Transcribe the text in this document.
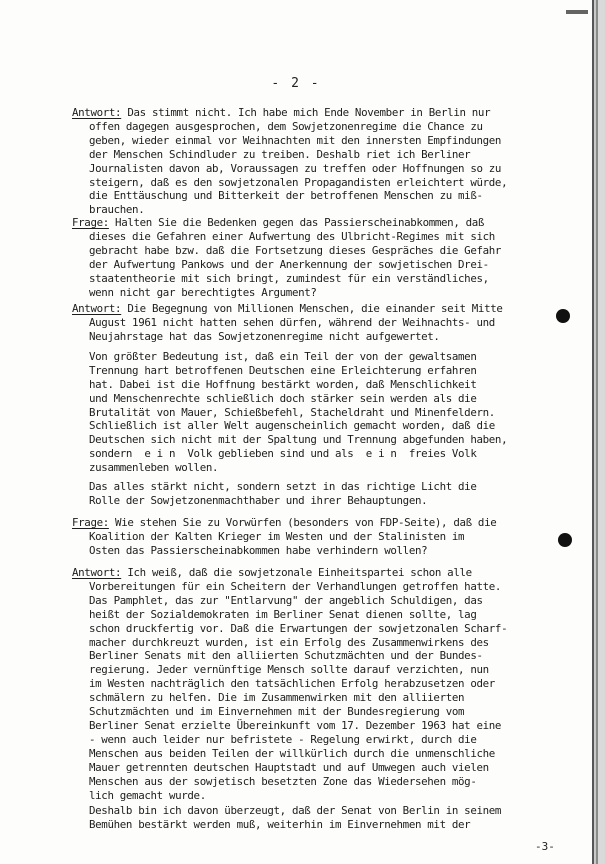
- 2 -
Antwort: Das stimmt nicht. Ich habe mich Ende November in Berlin nur
offen dagegen ausgesprochen, dem Sowjetzonenregime die Chance zu
geben, wieder einmal vor Weihnachten mit den innersten Empfindungen
der Menschen Schindluder zu treiben. Deshalb riet ich Berliner
Journalisten davon ab, Voraussagen zu treffen oder Hoffnungen so zu
steigern, daß es den sowjetzonalen Propagandisten erleichtert würde,
die Enttäuschung und Bitterkeit der betroffenen Menschen zu miß-
brauchen.
Frage: Halten Sie die Bedenken gegen das Passierscheinabkommen, daß
dieses die Gefahren einer Aufwertung des Ulbricht-Regimes mit sich
gebracht habe bzw. daß die Fortsetzung dieses Gespräches die Gefahr
der Aufwertung Pankows und der Anerkennung der sowjetischen Drei-
staatentheorie mit sich bringt, zumindest für ein verständliches,
wenn nicht gar berechtigtes Argument?
Antwort: Die Begegnung von Millionen Menschen, die einander seit Mitte
August 1961 nicht hatten sehen dürfen, während der Weihnachts- und
Neujahrstage hat das Sowjetzonenregime nicht aufgewertet.
Von größter Bedeutung ist, daß ein Teil der von der gewaltsamen
Trennung hart betroffenen Deutschen eine Erleichterung erfahren
hat. Dabei ist die Hoffnung bestärkt worden, daß Menschlichkeit
und Menschenrechte schließlich doch stärker sein werden als die
Brutalität von Mauer, Schießbefehl, Stacheldraht und Minenfeldern.
Schließlich ist aller Welt augenscheinlich gemacht worden, daß die
Deutschen sich nicht mit der Spaltung und Trennung abgefunden haben,
sondern  e i n  Volk geblieben sind und als  e i n  freies Volk
zusammenleben wollen.
Das alles stärkt nicht, sondern setzt in das richtige Licht die
Rolle der Sowjetzonenmachthaber und ihrer Behauptungen.
Frage: Wie stehen Sie zu Vorwürfen (besonders von FDP-Seite), daß die
Koalition der Kalten Krieger im Westen und der Stalinisten im
Osten das Passierscheinabkommen habe verhindern wollen?
Antwort: Ich weiß, daß die sowjetzonale Einheitspartei schon alle
Vorbereitungen für ein Scheitern der Verhandlungen getroffen hatte.
Das Pamphlet, das zur "Entlarvung" der angeblich Schuldigen, das
heißt der Sozialdemokraten im Berliner Senat dienen sollte, lag
schon druckfertig vor. Daß die Erwartungen der sowjetzonalen Scharf-
macher durchkreuzt wurden, ist ein Erfolg des Zusammenwirkens des
Berliner Senats mit den alliierten Schutzmächten und der Bundes-
regierung. Jeder vernünftige Mensch sollte darauf verzichten, nun
im Westen nachträglich den tatsächlichen Erfolg herabzusetzen oder
schmälern zu helfen. Die im Zusammenwirken mit den alliierten
Schutzmächten und im Einvernehmen mit der Bundesregierung vom
Berliner Senat erzielte Übereinkunft vom 17. Dezember 1963 hat eine
- wenn auch leider nur befristete - Regelung erwirkt, durch die
Menschen aus beiden Teilen der willkürlich durch die unmenschliche
Mauer getrennten deutschen Hauptstadt und auf Umwegen auch vielen
Menschen aus der sowjetisch besetzten Zone das Wiedersehen mög-
lich gemacht wurde.
Deshalb bin ich davon überzeugt, daß der Senat von Berlin in seinem
Bemühen bestärkt werden muß, weiterhin im Einvernehmen mit der
-3-
